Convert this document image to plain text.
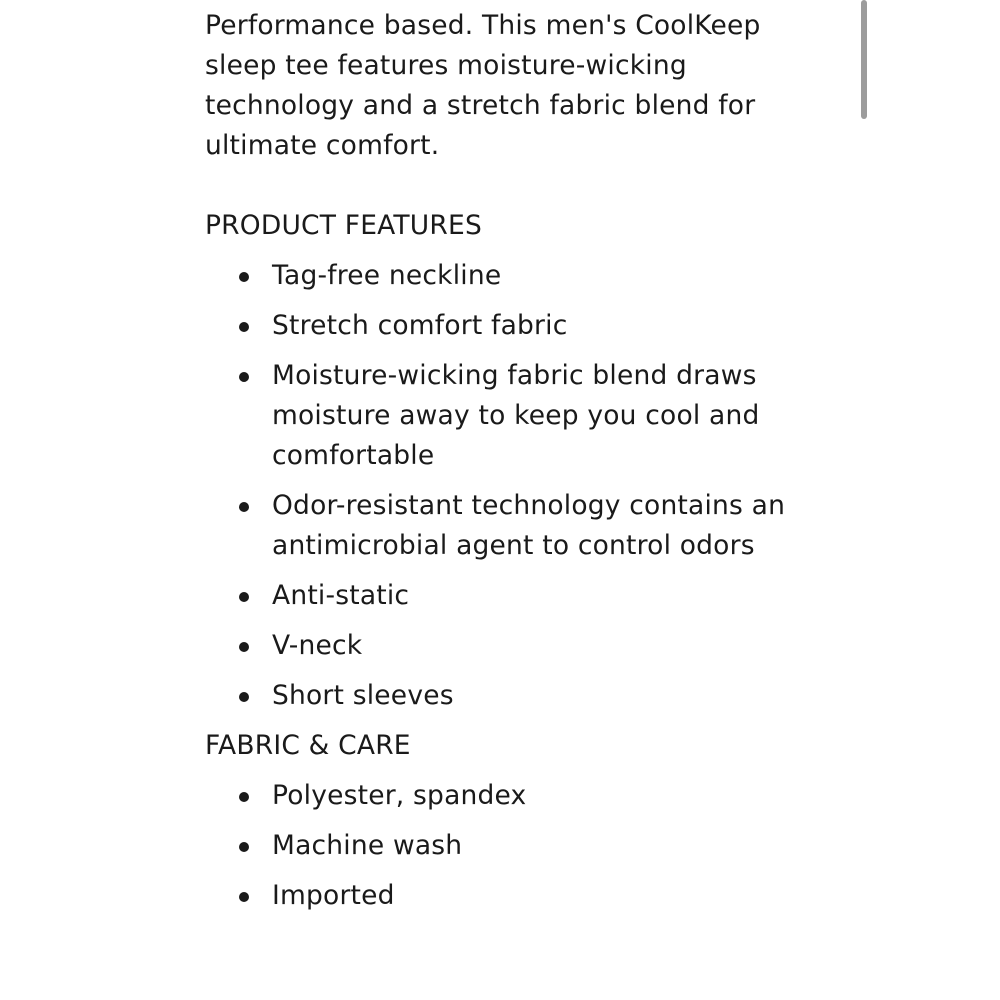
Performance based. This men's CoolKeep sleep tee features moisture-wicking technology and a stretch fabric blend for ultimate comfort.

PRODUCT FEATURES
Tag-free neckline
Stretch comfort fabric
Moisture-wicking fabric blend draws moisture away to keep you cool and comfortable
Odor-resistant technology contains an antimicrobial agent to control odors
Anti-static
V-neck
Short sleeves
FABRIC & CARE
Polyester, spandex
Machine wash
Imported
